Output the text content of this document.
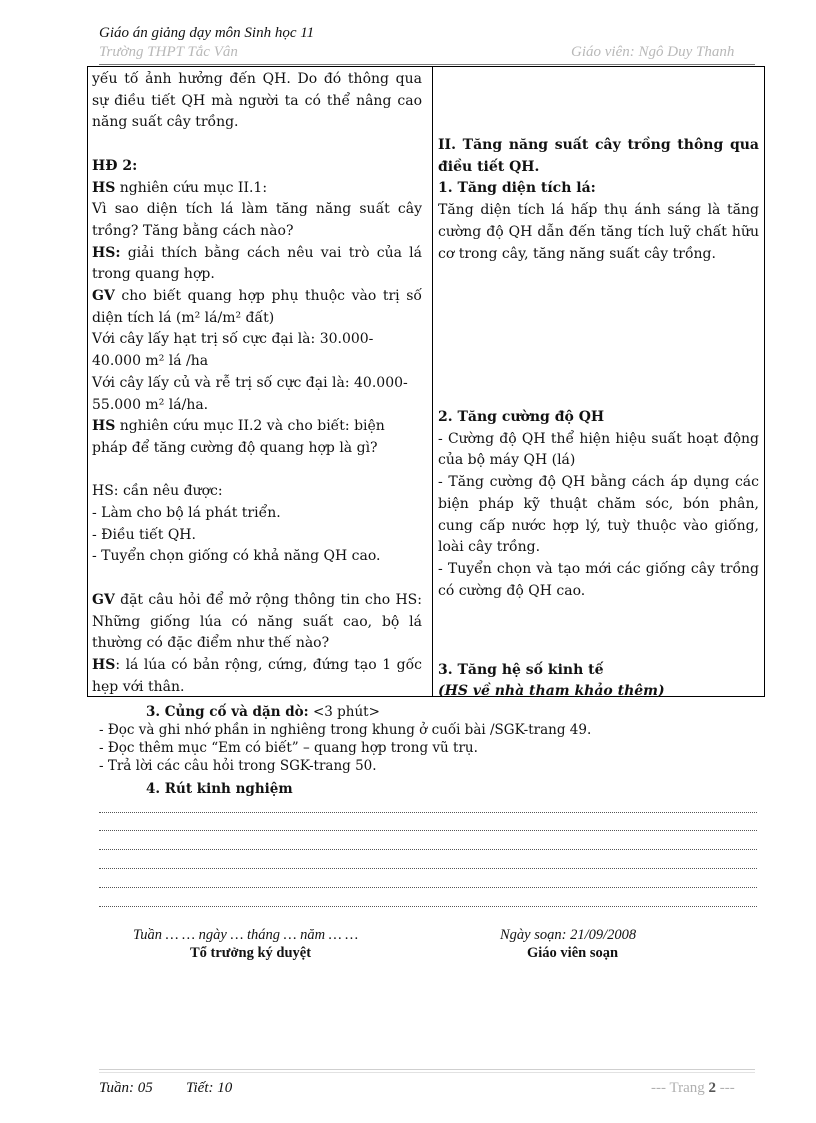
Giáo án giảng dạy môn Sinh học 11
Trường THPT Tắc Vân	Giáo viên: Ngô Duy Thanh

yếu tố ảnh hưởng đến QH. Do đó thông qua sự điều tiết QH mà người ta có thể nâng cao năng suất cây trồng.

HĐ 2:

HS nghiên cứu mục II.1:

Vì sao diện tích lá làm tăng năng suất cây trồng? Tăng bằng cách nào?

HS: giải thích bằng cách nêu vai trò của lá trong quang hợp.

GV cho biết quang hợp phụ thuộc vào trị số diện tích lá (m² lá/m² đất)

Với cây lấy hạt trị số cực đại là: 30.000-40.000 m² lá /ha

Với cây lấy củ và rễ trị số cực đại là: 40.000-55.000 m² lá/ha.

HS nghiên cứu mục II.2 và cho biết: biện pháp để tăng cường độ quang hợp là gì?

HS: cần nêu được:

- Làm cho bộ lá phát triển.

- Điều tiết QH.

- Tuyển chọn giống có khả năng QH cao.

GV đặt câu hỏi để mở rộng thông tin cho HS: Những giống lúa có năng suất cao, bộ lá thường có đặc điểm như thế nào?

HS: lá lúa có bản rộng, cứng, đứng tạo 1 gốc hẹp với thân.

II. Tăng năng suất cây trồng thông qua điều tiết QH.

1. Tăng diện tích lá:

Tăng diện tích lá hấp thụ ánh sáng là tăng cường độ QH dẫn đến tăng tích luỹ chất hữu cơ trong cây, tăng năng suất cây trồng.

2. Tăng cường độ QH

- Cường độ QH thể hiện hiệu suất hoạt động của bộ máy QH (lá)

- Tăng cường độ QH bằng cách áp dụng các biện pháp kỹ thuật chăm sóc, bón phân, cung cấp nước hợp lý, tuỳ thuộc vào giống, loài cây trồng.

- Tuyển chọn và tạo mới các giống cây trồng có cường độ QH cao.

3. Tăng hệ số kinh tế

(HS về nhà tham khảo thêm)

3. Củng cố và dặn dò: <3 phút>
- Đọc và ghi nhớ phần in nghiêng trong khung ở cuối bài /SGK-trang 49.
- Đọc thêm mục “Em có biết” – quang hợp trong vũ trụ.
- Trả lời các câu hỏi trong SGK-trang 50.
4. Rút kinh nghiệm
Tuần … … ngày … tháng … năm … …
Tổ trưởng ký duyệt
Ngày soạn: 21/09/2008
Giáo viên soạn
Tuần: 05 Tiết: 10	--- Trang 2 ---
